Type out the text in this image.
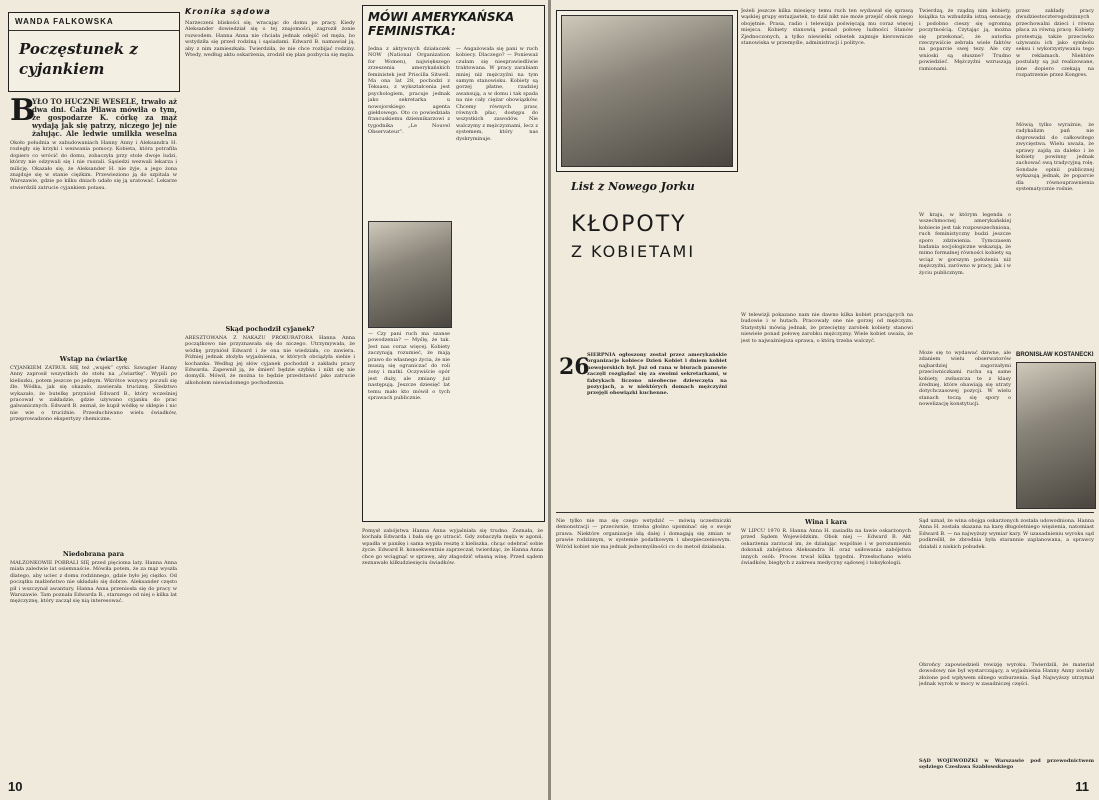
Kronika sądowa
WANDA FALKOWSKA
Poczęstunek z cyjankiem
B
YŁO TO HUCZNE WESELE, trwało aż dwa dni. Cała Pilawa mówiła o tym, że gospodarze K. córkę za mąż wydają jak się patrzy, niczego jej nie żałując. Ale ledwie umilkła weselna
Około południa w zabudowaniach Hanny Anny i Aleksandra H. rozległy się krzyki i wezwania pomocy. Kobieta, która potrafiła dopiero co wrócić do domu, zobaczyła przy stole dwoje ludzi, którzy nie odzywali się i nie ruszali. Sąsiedzi wezwali lekarza i milicję. Okazało się, że Aleksander H. nie żyje, a jego żona znajduje się w stanie ciężkim. Przewieziono ją do szpitala w Warszawie, gdzie po kilku dniach udało się ją uratować. Lekarze stwierdzili zatrucie cyjankiem potasu.
Wstąp na ćwiartkę
CYJANKIEM ZATRUŁ SIĘ też „wujek” cyrki. Szwagier Hanny Anny zaprosił wszystkich do stołu na „ćwiartkę”. Wypili po kieliszku, potem jeszcze po jednym. Wkrótce wszyscy poczuli się źle. Wódka, jak się okazało, zawierała truciznę. Śledztwo wykazało, że butelkę przyniósł Edward B., który wcześniej pracował w zakładzie, gdzie używano cyjanku do prac galwanicznych. Edward B. zeznał, że kupił wódkę w sklepie i nic nie wie o truciźnie. Przesłuchiwano wielu świadków, przeprowadzono ekspertyzy chemiczne.
Niedobrana para
MAŁŻONKOWIE POBRALI SIĘ przed pięcioma laty. Hanna Anna miała zaledwie lat osiemnaście. Mówiła potem, że za mąż wyszła dlatego, aby uciec z domu rodzinnego, gdzie było jej ciężko. Od początku małżeństwo nie układało się dobrze. Aleksander często pił i wszczynał awantury. Hanna Anna przeniosła się do pracy w Warszawie. Tam poznała Edwarda B., starszego od niej o kilka lat mężczyznę, który zaczął się nią interesować.
Narzeczeni bliskości się, wracając do domu po pracy. Kiedy Aleksander dowiedział się o tej znajomości, zagroził żonie rozwodem. Hanna Anna nie chciała jednak odejść od męża, bo wstydziła się przed rodziną i sąsiadami. Edward B. namawiał ją, aby z nim zamieszkała. Twierdziła, że nie chce rozbijać rodziny. Wtedy, według aktu oskarżenia, zrodził się plan pozbycia się męża.
Skąd pochodził cyjanek?
ARESZTOWANA Z NAKAZU PROKURATORA Hanna Anna początkowo nie przyznawała się do niczego. Utrzymywała, że wódkę przyniósł Edward i że ona nie wiedziała, co zawiera. Później jednak złożyła wyjaśnienia, w których obciążyła siebie i kochanka. Według jej słów cyjanek pochodził z zakładu pracy Edwarda. Zapewnił ją, że śmierć będzie szybka i nikt się nie domyśli. Mówił, że można to będzie przedstawić jako zatrucie alkoholem niewiadomego pochodzenia.
MÓWI AMERYKAŃSKA FEMINISTKA:
Jedna z aktywnych działaczek NOW (National Organization for Women), największego zrzeszenia amerykańskich feministek jest Priscilla Sitwell. Ma ona lat 28, pochodzi z Teksasu, z wykształcenia jest psychologiem, pracuje jednak jako sekretarka u nowojorskiego agenta giełdowego. Oto co powiedziała francuskiemu dziennikarzowi z tygodnika „Le Nouvel Observateur”.
— Angażowała się pani w ruch kobiecy. Dlaczego? — Ponieważ czułam się niesprawiedliwie traktowana. W pracy zarabiam mniej niż mężczyźni na tym samym stanowisku. Kobiety są gorzej płatne, rzadziej awansują, a w domu i tak spada na nie cały ciężar obowiązków. Chcemy równych praw, równych płac, dostępu do wszystkich zawodów. Nie walczymy z mężczyznami, lecz z systemem, który nas dyskryminuje.
— Czy pani ruch ma szanse powodzenia? — Myślę, że tak. Jest nas coraz więcej. Kobiety zaczynają rozumieć, że mają prawo do własnego życia, że nie muszą się ograniczać do roli żony i matki. Oczywiście opór jest duży, ale zmiany już następują. Jeszcze dziesięć lat temu mało kto mówił o tych sprawach publicznie.
Pomysł zabójstwa Hanna Anna wyjaśniała się trudno. Zeznała, że kochała Edwarda i bała się go utracić. Gdy zobaczyła męża w agonii, wpadła w panikę i sama wypiła resztę z kieliszka, chcąc odebrać sobie życie. Edward B. konsekwentnie zaprzeczał, twierdząc, że Hanna Anna chce go wciągnąć w sprawę, aby złagodzić własną winę. Przed sądem zeznawało kilkudziesięciu świadków.
10
List z Nowego Jorku
KŁOPOTY
Z KOBIETAMI
26
SIERPNIA ogłoszony został przez amerykańskie organizacje kobiece Dzień Kobiet i dniem kobiet nowojorskich był. Już od rana w biurach panowie zaczęli rozglądać się za swoimi sekretarkami, w fabrykach liczono nieobecne dziewczęta na pozycjach, a w niektórych domach mężczyźni przejęli obowiązki kuchenne.
Jeżeli jeszcze kilka miesięcy temu ruch ten wydawał się sprawą wąskiej grupy entuzjastek, to dziś nikt nie może przejść obok niego obojętnie. Prasa, radio i telewizja poświęcają mu coraz więcej miejsca. Kobiety stanowią ponad połowę ludności Stanów Zjednoczonych, a tylko niewielki odsetek zajmuje kierownicze stanowiska w przemyśle, administracji i polityce.
W telewizji pokazano nam nie dawno kilka kobiet pracujących na budowie i w hutach. Pracowały one nie gorzej od mężczyzn. Statystyki mówią jednak, że przeciętny zarobek kobiety stanowi niewiele ponad połowę zarobku mężczyzny. Wiele kobiet uważa, że jest to najważniejsza sprawa, o którą trzeba walczyć.
Twierdzą, że rządzą nim kobiety, książka ta wzbudziła istną sensację i podobno cieszy się ogromną poczytnością. Czytając ją, można się przekonać, że autorka rzeczywiście zebrała wiele faktów na poparcie swej tezy. Ale czy wnioski są słuszne? Trudno powiedzieć. Mężczyźni wzruszają ramionami.
W kraju, w którym legenda o wszechmocnej amerykańskiej kobiecie jest tak rozpowszechniona, ruch feministyczny budzi jeszcze sporo zdziwienia. Tymczasem badania socjologiczne wskazują, że mimo formalnej równości kobiety są wciąż w gorszym położeniu niż mężczyźni, zarówno w pracy, jak i w życiu publicznym.
Może się to wydawać dziwne, ale zdaniem wielu obserwatorów najbardziej zagorzałymi przeciwniczkami ruchu są same kobiety, zwłaszcza te z klasy średniej, które obawiają się utraty dotychczasowej pozycji. W wielu stanach toczą się spory o nowelizację konstytucji.
przez zakłady pracy dwudziestoczterogodzinnych przechowalni dzieci i równa płaca za równą pracę. Kobiety protestują także przeciwko używaniu ich jako symbolu seksu i wykorzystywaniu tego w reklamach. Niektóre postulaty są już realizowane, inne dopiero czekają na rozpatrzenie przez Kongres.
Mówią tylko wyrażnie, że radykalizm pań nie doprowadzi do całkowitego zwycięstwa. Wielu uważa, że sprawy zajdą za daleko i że kobiety powinny jednak zachować swą tradycyjną rolę. Sondaże opinii publicznej wykazują jednak, że poparcie dla równouprawnienia systematycznie rośnie.
BRONISŁAW KOSTANECKI
Nie tylko nie ma się czego wstydzić — mówią uczestniczki demonstracji — przeciwnie, trzeba głośno upominać się o swoje prawa. Niektóre organizacje idą dalej i domagają się zmian w prawie rodzinnym, w systemie podatkowym i ubezpieczeniowym. Wśród kobiet nie ma jednak jednomyślności co do metod działania.
Wina i kara
W LIPCU 1970 R. Hanna Anna H. zasiadła na ławie oskarżonych przed Sądem Wojewódzkim. Obok niej — Edward B. Akt oskarżenia zarzucał im, że działając wspólnie i w porozumieniu dokonali zabójstwa Aleksandra H. oraz usiłowania zabójstwa innych osób. Proces trwał kilka tygodni. Przesłuchano wielu świadków, biegłych z zakresu medycyny sądowej i toksykologii.
Sąd uznał, że wina obojga oskarżonych została udowodniona. Hanna Anna H. została skazana na karę długoletniego więzienia, natomiast Edward B. — na najwyższy wymiar kary. W uzasadnieniu wyroku sąd podkreślił, że zbrodnia była starannie zaplanowana, a sprawcy działali z niskich pobudek.
Obrońcy zapowiedzieli rewizję wyroku. Twierdzili, że materiał dowodowy nie był wystarczający, a wyjaśnienia Hanny Anny zostały złożone pod wpływem silnego wzburzenia. Sąd Najwyższy utrzymał jednak wyrok w mocy w zasadniczej części.
SĄD WOJEWÓDZKI w Warszawie pod przewodnictwem sędziego Czesława Szabłowskiego
11
